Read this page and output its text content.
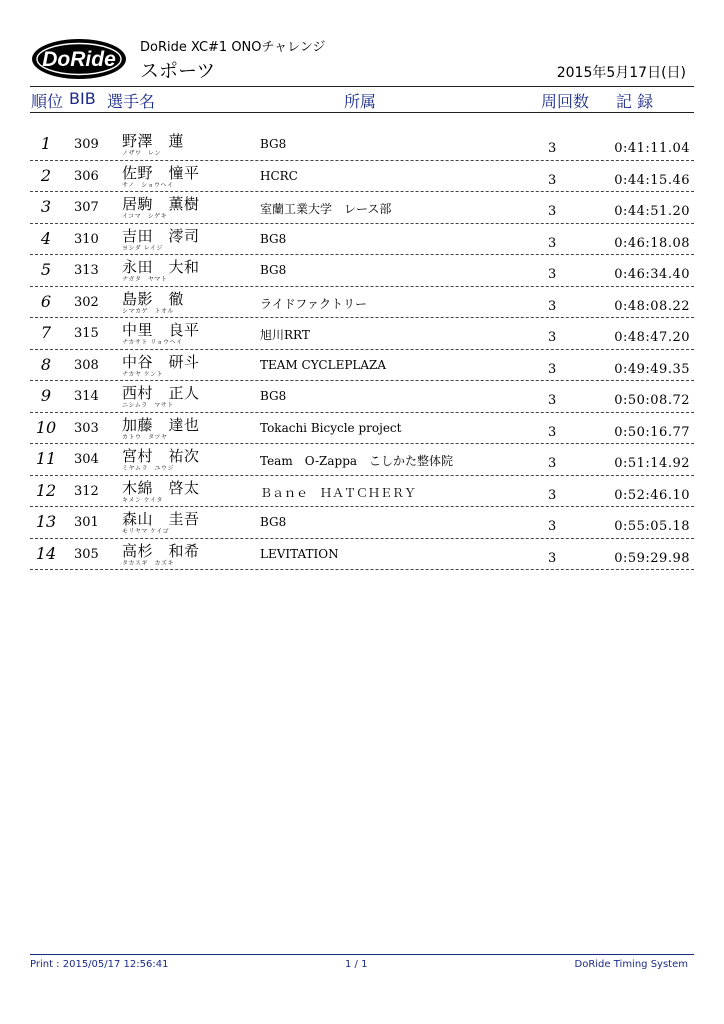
DoRide
DoRide XC#1 ONOチャレンジ
スポーツ	2015年5月17日(日)
順位 BIB 選手名	所属	周回数 記 録
1	309 野澤　蓮
ノザワ　レン
BG8	3	0:41:11.04
2	306 佐野　憧平
サノ　ショウヘイ
HCRC	3	0:44:15.46
3	307 居駒　薫樹
イコマ　シゲキ
室蘭工業大学　レース部	3	0:44:51.20
4	310 吉田　澪司
ヨシダ レイジ
BG8	3	0:46:18.08
5	313 永田　大和
ナガタ　ヤマト
BG8	3	0:46:34.40
6	302 島影　徹
シマカゲ　トオル
ライドファクトリー	3	0:48:08.22
7	315 中里　良平
ナカサト リョウヘイ
旭川RRT	3	0:48:47.20
8	308 中谷　研斗
ナカヤ ケント
TEAM CYCLEPLAZA	3	0:49:49.35
9	314 西村　正人
ニシムラ　マサト
BG8	3	0:50:08.72
10	303 加藤　達也
カトウ　タツヤ
Tokachi Bicycle project	3	0:50:16.77
11	304 宮村　祐次
ミヤムラ　ユウジ
Team　O-Zappa　こしかた整体院	3	0:51:14.92
12	312 木綿　啓太
キメン ケイタ
Ｂａｎｅ　ＨＡＴＣＨＥＲＹ	3	0:52:46.10
13	301 森山　圭吾
モリヤマ ケイゴ
BG8	3	0:55:05.18
14	305 高杉　和希
タカスギ　カズキ
LEVITATION	3	0:59:29.98
Print : 2015/05/17 12:56:41	1 / 1	DoRide Timing System
